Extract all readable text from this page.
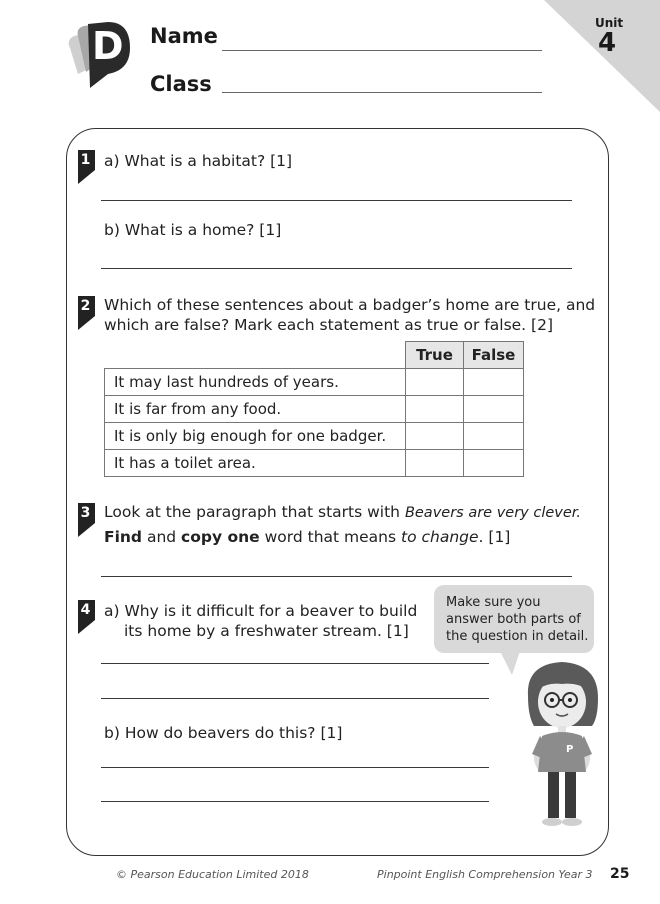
D Name
Class
Unit
4
1 a) What is a habitat? [1]
b) What is a home? [1]
2 Which of these sentences about a badger’s home are true, and
which are false? Mark each statement as true or false. [2]
	True	False
It may last hundreds of years.		
It is far from any food.		
It is only big enough for one badger.		
It has a toilet area.		
3 Look at the paragraph that starts with Beavers are very clever.
Find and copy one word that means to change. [1]
4 a) Why is it difficult for a beaver to build
its home by a freshwater stream. [1]
b) How do beavers do this? [1]
Make sure you
answer both parts of
the question in detail.
P
© Pearson Education Limited 2018	Pinpoint English Comprehension Year 3 25
